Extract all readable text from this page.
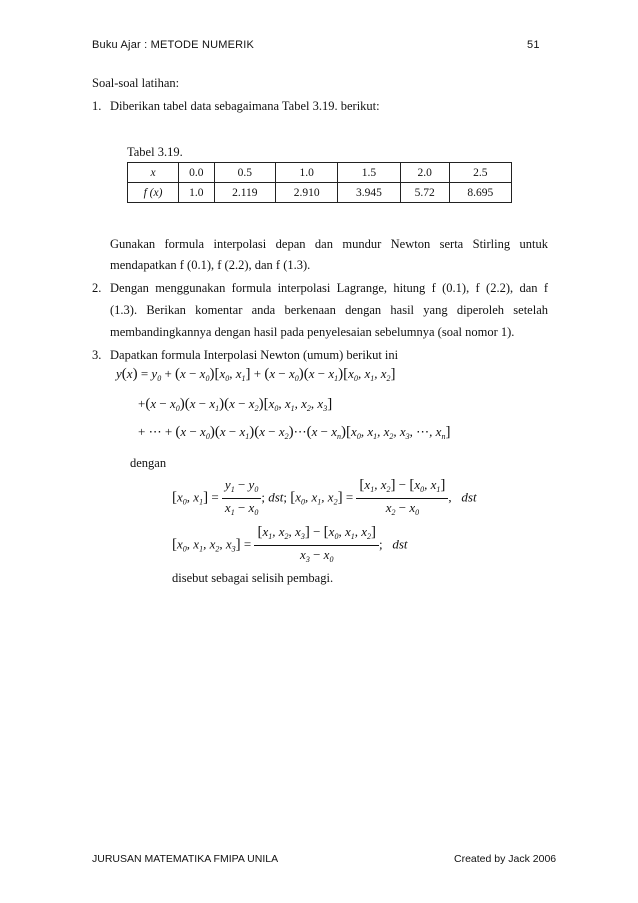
Buku Ajar : METODE NUMERIK	51
Soal-soal latihan:
1. Diberikan tabel data sebagaimana Tabel 3.19. berikut:
Tabel 3.19.
x	0.0	0.5	1.0	1.5	2.0	2.5
f (x)	1.0	2.119	2.910	3.945	5.72	8.695
Gunakan formula interpolasi depan dan mundur Newton serta Stirling untuk
mendapatkan f (0.1), f (2.2), dan f (1.3).
2. Dengan menggunakan formula interpolasi Lagrange, hitung f (0.1), f (2.2), dan f
(1.3). Berikan komentar anda berkenaan dengan hasil yang diperoleh setelah
membandingkannya dengan hasil pada penyelesaian sebelumnya (soal nomor 1).
3. Dapatkan formula Interpolasi Newton (umum) berikut ini
$y(x) = y_0 + (x - x_0)[x_0$, $x_1] + (x - x_0)(x - x_1)[x_0$, $x_1$, $x_2$]
$+(x - x_0)(x - x_1)(x - x_2)[x_0$, $x_1$, $x_2$, $x_3$]
+ ⋯ + $(x - x_0)(x - x_1)(x$ − $x_2)\cdots(x - x_n)[x_0$, $x_1$, $x_2$, $x_3$, ⋯, $x_n$]
dengan
[$x_0$, $x_1] = \frac{y_1 - y_0}{x_1 - x_0}$ ; dst; [$x_0$, $x_1$, $x_2] = \frac{[x_1, x_2] - [x_0, x_1]}{x_2 - x_0}$ , dst
[$x_0$, $x_1$, $x_2$, $x_3] = \frac{[x_1, x_2, x_3] - [x_0, x_1, x_2]}{x_3 - x_0}$ ; dst
disebut sebagai selisih pembagi.
JURUSAN MATEMATIKA FMIPA UNILA	Created by Jack 2006
